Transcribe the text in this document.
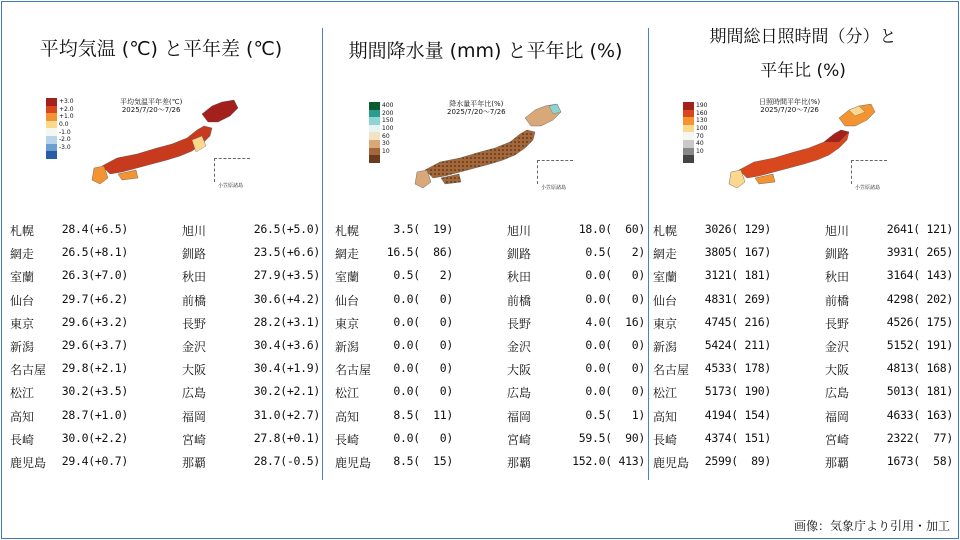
平均気温 (℃) と平年差 (℃)
+3.0
+2.0
+1.0
0.0
-1.0
-2.0
-3.0
平均気温平年差(℃)
2025/7/20～7/26
小笠原諸島
札幌 28.4(+6.5)	旭川	26.5(+5.0)
網走 26.5(+8.1)	釧路	23.5(+6.6)
室蘭 26.3(+7.0)	秋田	27.9(+3.5)
仙台 29.7(+6.2)	前橋	30.6(+4.2)
東京 29.6(+3.2)	長野	28.2(+3.1)
新潟 29.6(+3.7)	金沢	30.4(+3.6)
名古屋 29.8(+2.1)	大阪	30.4(+1.9)
松江 30.2(+3.5)	広島	30.2(+2.1)
高知 28.7(+1.0)	福岡	31.0(+2.7)
長崎 30.0(+2.2)	宮崎	27.8(+0.1)
鹿児島 29.4(+0.7)	那覇	28.7(-0.5)
期間降水量 (mm) と平年比 (%)
400
200
150
100
60
30
10
降水量平年比(%)
2025/7/20～7/26
小笠原諸島
札幌	3.5(  19)	旭川	18.0(  60)
網走 16.5(  86)	釧路	0.5(   2)
室蘭	0.5(   2)	秋田	0.0(   0)
仙台	0.0(   0)	前橋	0.0(   0)
東京	0.0(   0)	長野	4.0(  16)
新潟	0.0(   0)	金沢	0.0(   0)
名古屋 0.0(   0)	大阪	0.0(   0)
松江	0.0(   0)	広島	0.0(   0)
高知	8.5(  11)	福岡	0.5(   1)
長崎	0.0(   0)	宮崎	59.5(  90)
鹿児島 8.5(  15)	那覇	152.0( 413)
期間総日照時間（分）と
平年比 (%)
190
160
130
100
70
40
10
日照時間平年比(%)
2025/7/20～7/26
小笠原諸島
札幌 3026( 129)	旭川	2641( 121)
網走 3805( 167)	釧路	3931( 265)
室蘭 3121( 181)	秋田	3164( 143)
仙台 4831( 269)	前橋	4298( 202)
東京 4745( 216)	長野	4526( 175)
新潟 5424( 211)	金沢	5152( 191)
名古屋 4533( 178)	大阪	4813( 168)
松江 5173( 190)	広島	5013( 181)
高知 4194( 154)	福岡	4633( 163)
長崎 4374( 151)	宮崎	2322(  77)
鹿児島 2599(  89)	那覇	1673(  58)
画像：気象庁より引用・加工
